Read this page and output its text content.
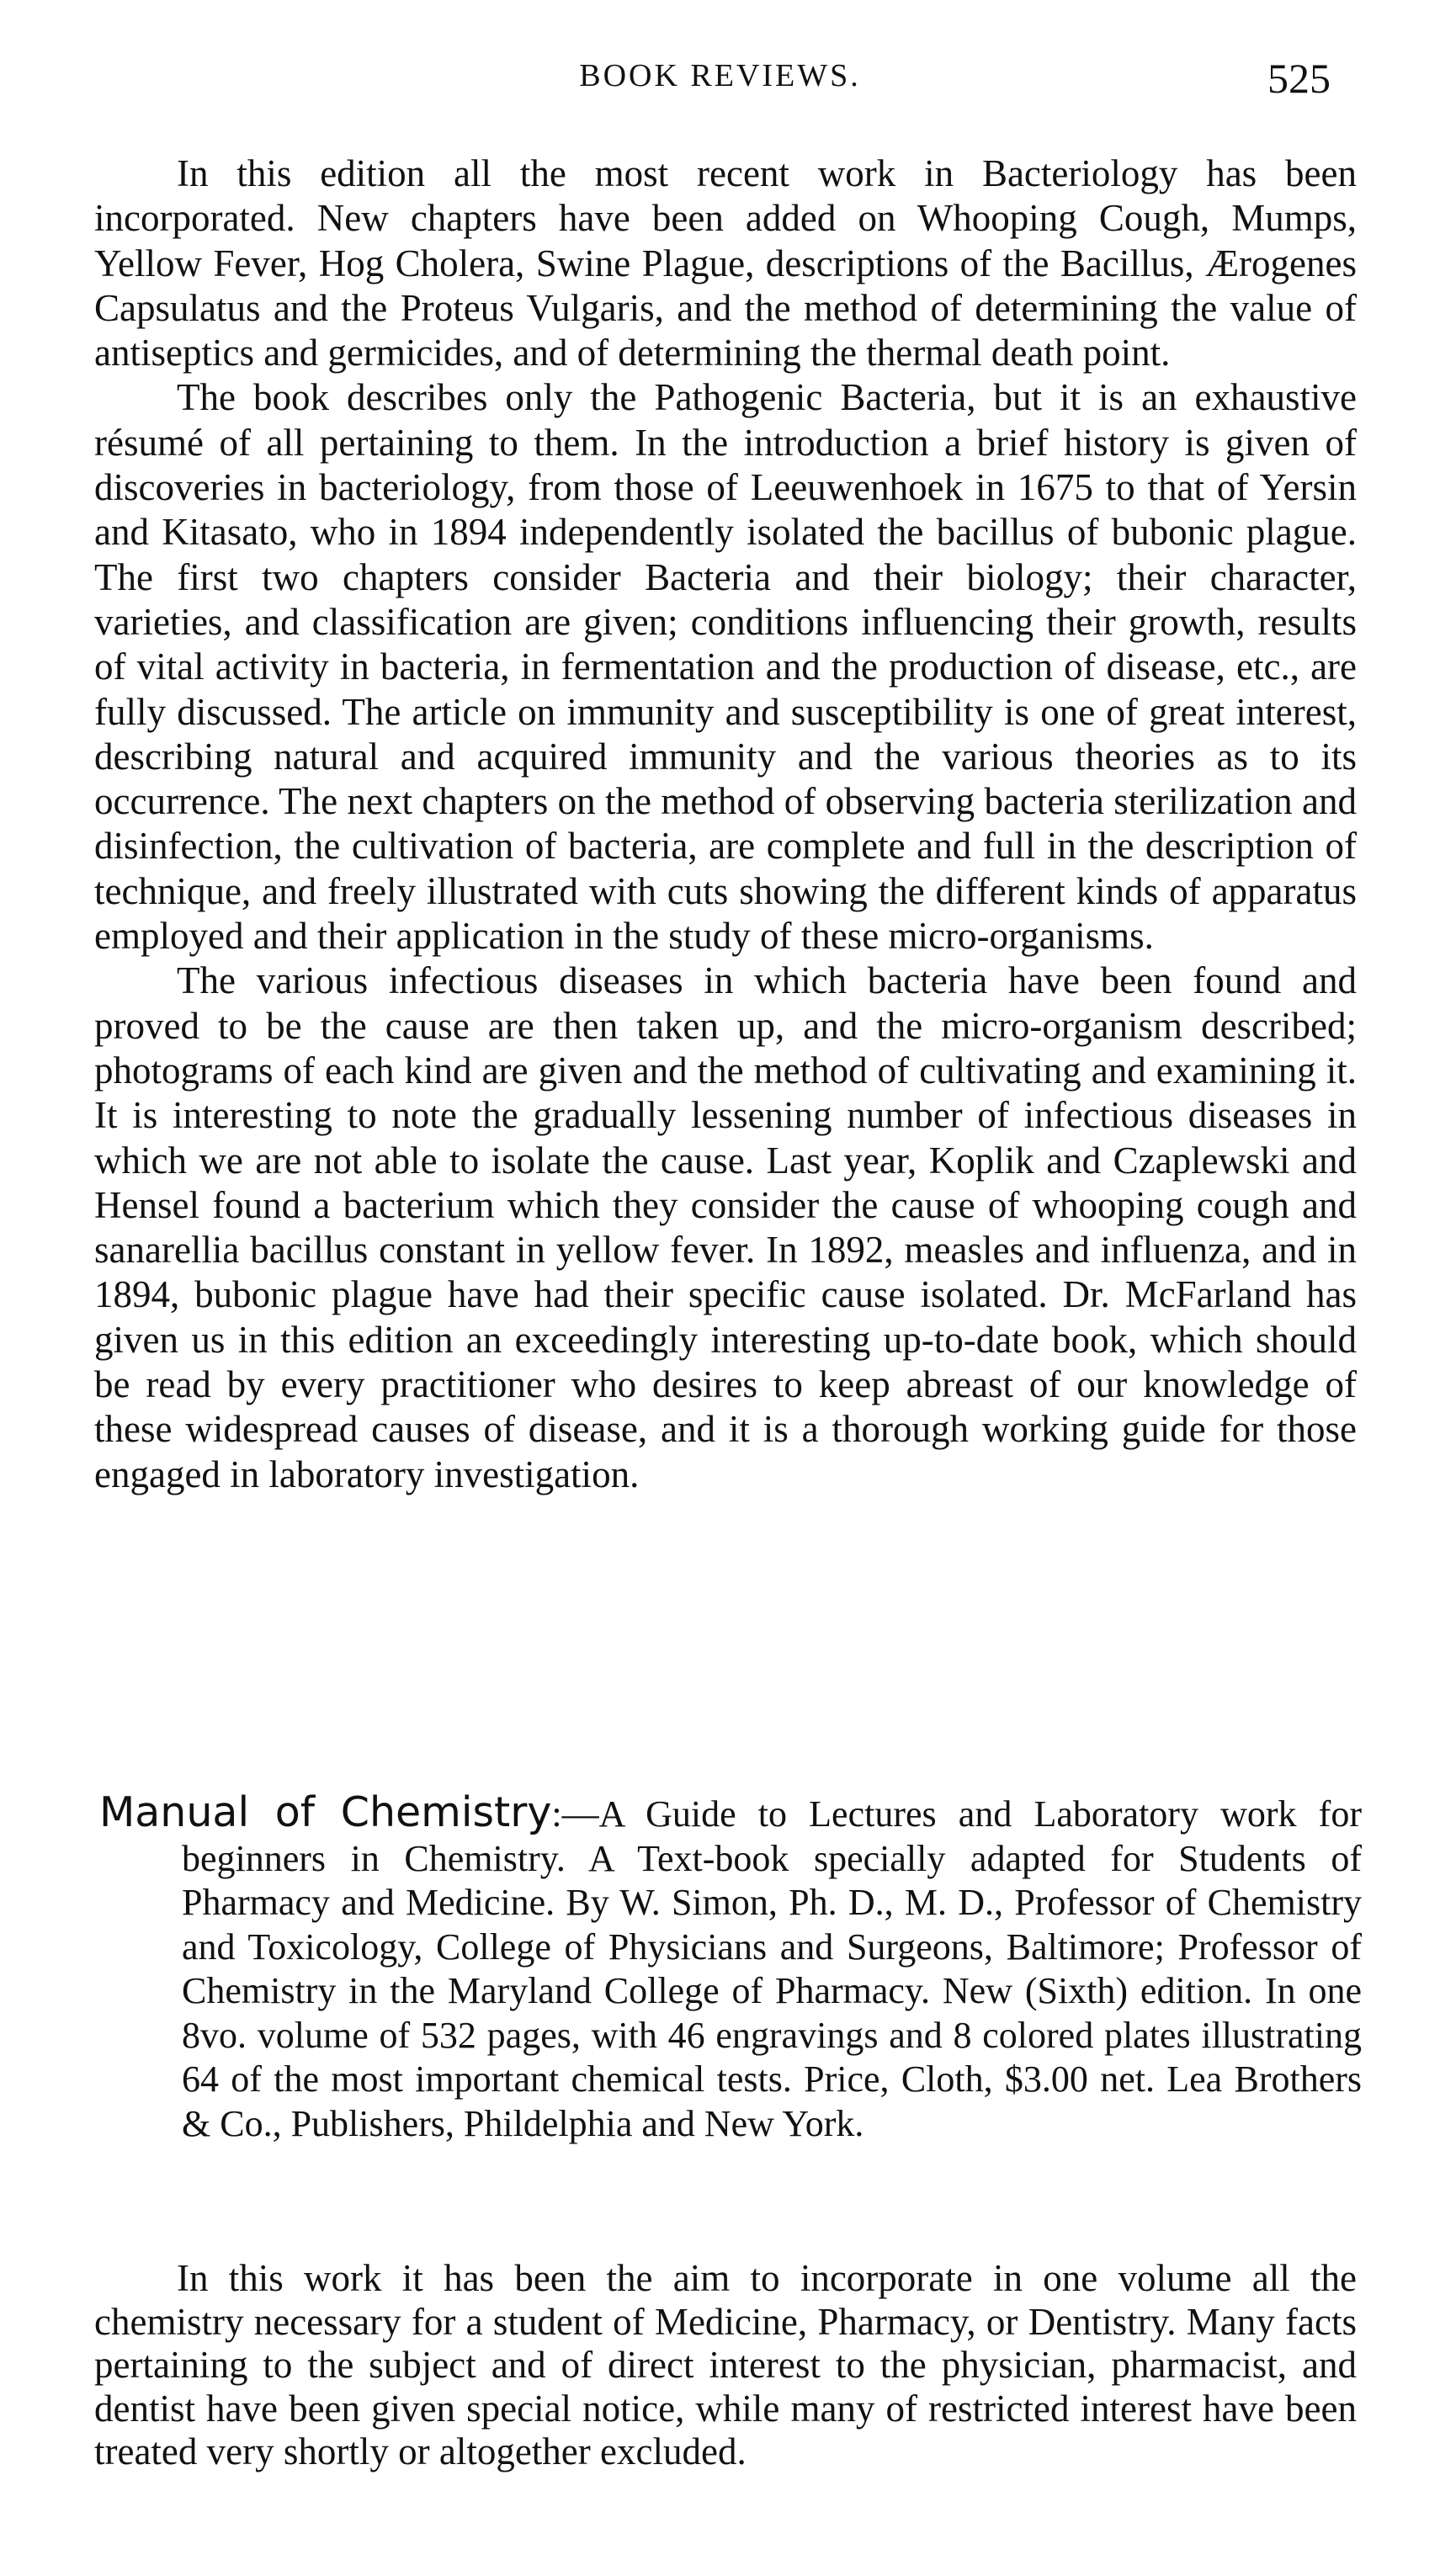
BOOK REVIEWS.	525

In this edition all the most recent work in Bacteriology has been incorporated. New chapters have been added on Whooping Cough, Mumps, Yellow Fever, Hog Cholera, Swine Plague, descriptions of the Bacillus, Ærogenes Capsulatus and the Proteus Vulgaris, and the method of determining the value of antiseptics and germicides, and of determining the thermal death point.

The book describes only the Pathogenic Bacteria, but it is an exhaustive résumé of all pertaining to them. In the introduction a brief history is given of discoveries in bacteriology, from those of Leeuwenhoek in 1675 to that of Yersin and Kitasato, who in 1894 independently isolated the bacillus of bubonic plague. The first two chapters consider Bacteria and their biology; their character, varieties, and classification are given; conditions influencing their growth, results of vital activity in bacteria, in fermentation and the production of disease, etc., are fully discussed. The article on immunity and susceptibility is one of great interest, describing natural and acquired immunity and the various theories as to its occurrence. The next chapters on the method of observing bacteria sterilization and disinfection, the cultivation of bacteria, are complete and full in the description of technique, and freely illustrated with cuts showing the different kinds of apparatus employed and their application in the study of these micro-organisms.

The various infectious diseases in which bacteria have been found and proved to be the cause are then taken up, and the micro-organism described; photograms of each kind are given and the method of cultivating and examining it. It is interesting to note the gradually lessening number of infectious diseases in which we are not able to isolate the cause. Last year, Koplik and Czaplewski and Hensel found a bacterium which they consider the cause of whooping cough and sanarellia bacillus constant in yellow fever. In 1892, measles and influenza, and in 1894, bubonic plague have had their specific cause isolated. Dr. McFarland has given us in this edition an exceedingly interesting up-to-date book, which should be read by every practitioner who desires to keep abreast of our knowledge of these widespread causes of disease, and it is a thorough working guide for those engaged in laboratory investigation.

Manual of Chemistry:—A Guide to Lectures and Laboratory work for beginners in Chemistry. A Text-book specially adapted for Students of Pharmacy and Medicine. By W. Simon, Ph. D., M. D., Professor of Chemistry and Toxicology, College of Physicians and Surgeons, Baltimore; Professor of Chemistry in the Maryland College of Pharmacy. New (Sixth) edition. In one 8vo. volume of 532 pages, with 46 engravings and 8 colored plates illustrating 64 of the most important chemical tests. Price, Cloth, $3.00 net. Lea Brothers & Co., Publishers, Phildelphia and New York.

In this work it has been the aim to incorporate in one volume all the chemistry necessary for a student of Medicine, Pharmacy, or Dentistry. Many facts pertaining to the subject and of direct interest to the physician, pharmacist, and dentist have been given special notice, while many of restricted interest have been treated very shortly or altogether excluded.
